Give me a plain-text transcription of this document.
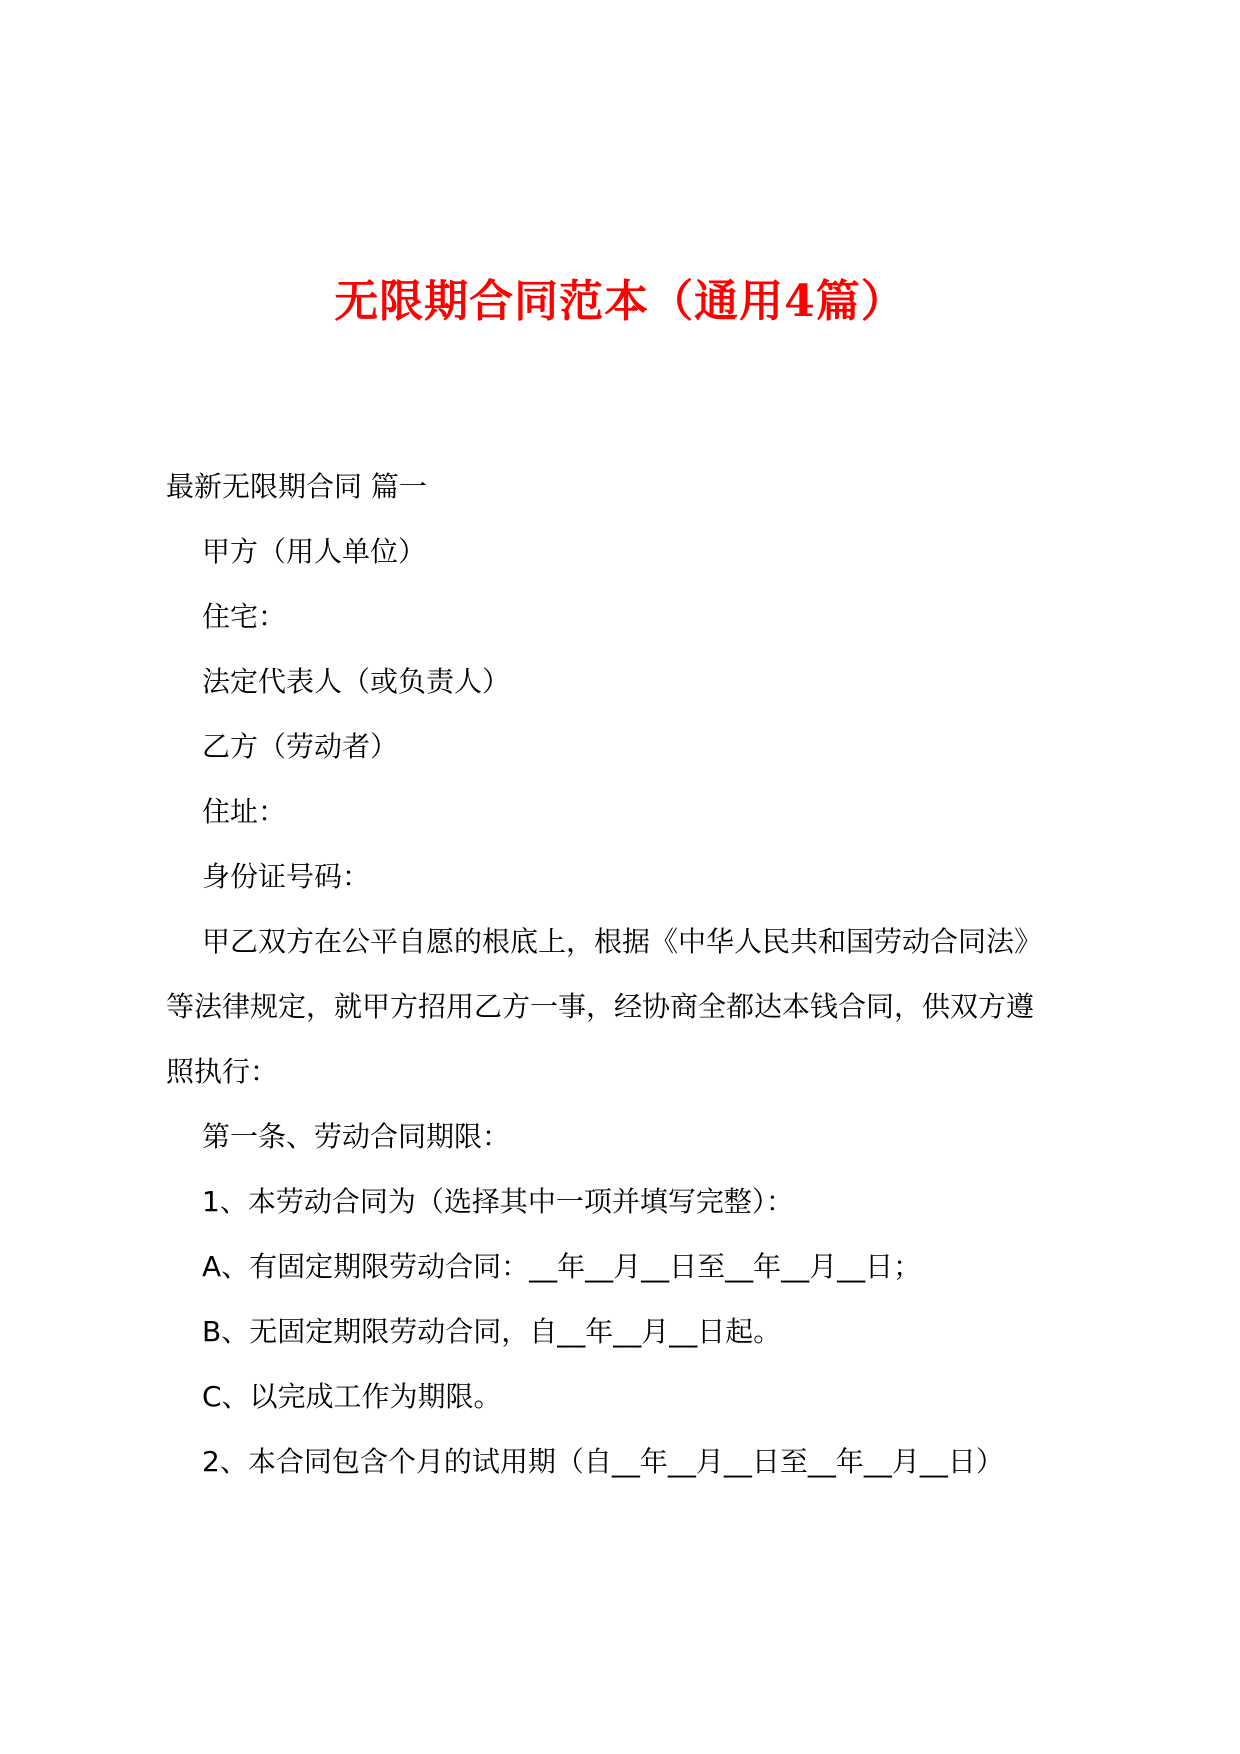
无限期合同范本（通用4篇）
最新无限期合同 篇一
甲方（用人单位）
住宅：
法定代表人（或负责人）
乙方（劳动者）
住址：
身份证号码：
甲乙双方在公平自愿的根底上，根据《中华人民共和国劳动合同法》
等法律规定，就甲方招用乙方一事，经协商全都达本钱合同，供双方遵
照执行：
第一条、劳动合同期限：
1、本劳动合同为（选择其中一项并填写完整）：
A、有固定期限劳动合同：__年__月__日至__年__月__日；
B、无固定期限劳动合同，自__年__月__日起。
C、以完成工作为期限。
2、本合同包含个月的试用期（自__年__月__日至__年__月__日）
